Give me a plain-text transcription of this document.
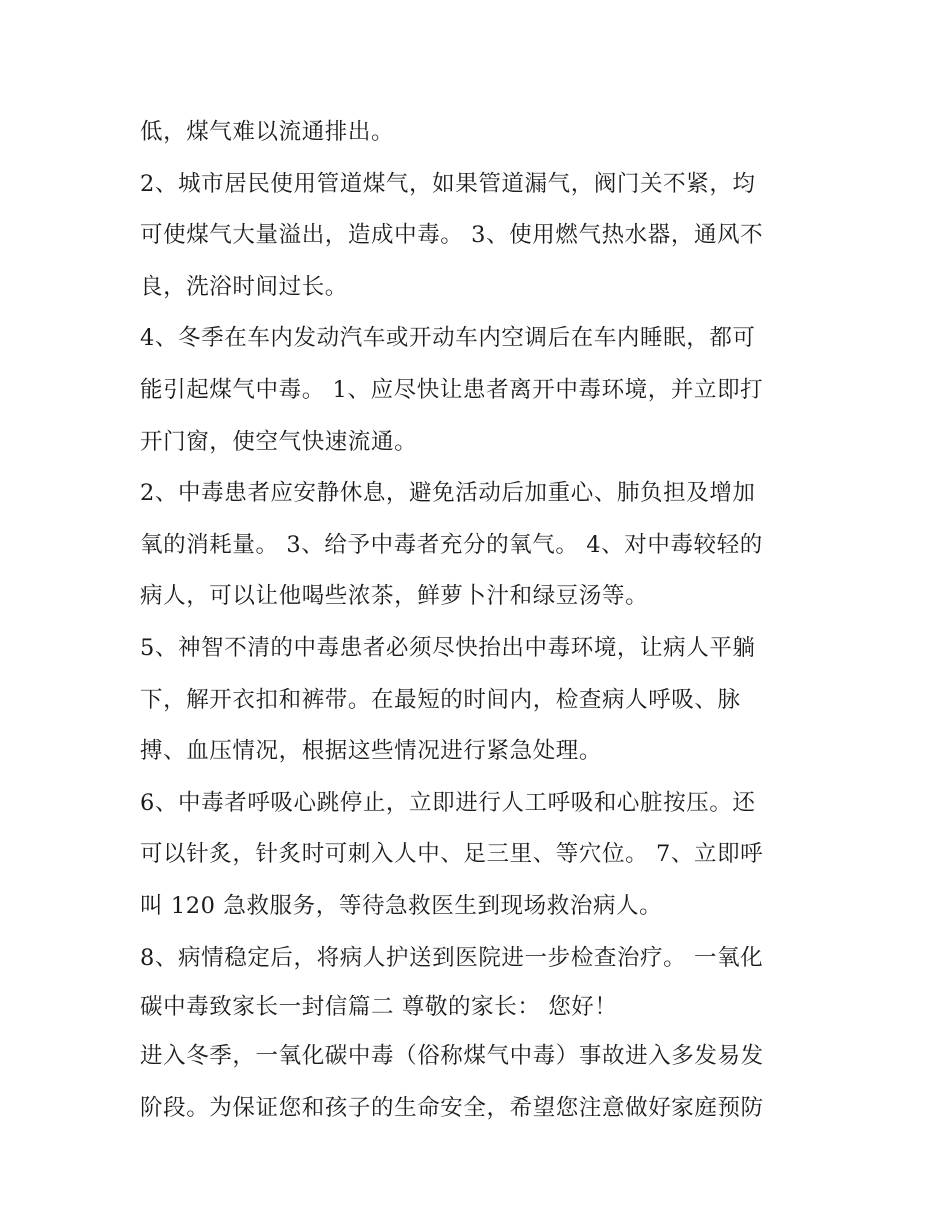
低，煤气难以流通排出。
2、城市居民使用管道煤气，如果管道漏气，阀门关不紧，均
可使煤气大量溢出，造成中毒。 3、使用燃气热水器，通风不
良，洗浴时间过长。
4、冬季在车内发动汽车或开动车内空调后在车内睡眠，都可
能引起煤气中毒。 1、应尽快让患者离开中毒环境，并立即打
开门窗，使空气快速流通。
2、中毒患者应安静休息，避免活动后加重心、肺负担及增加
氧的消耗量。 3、给予中毒者充分的氧气。 4、对中毒较轻的
病人，可以让他喝些浓茶，鲜萝卜汁和绿豆汤等。
5、神智不清的中毒患者必须尽快抬出中毒环境，让病人平躺
下，解开衣扣和裤带。在最短的时间内，检查病人呼吸、脉
搏、血压情况，根据这些情况进行紧急处理。
6、中毒者呼吸心跳停止，立即进行人工呼吸和心脏按压。还
可以针炙，针炙时可刺入人中、足三里、等穴位。 7、立即呼
叫 120 急救服务，等待急救医生到现场救治病人。
8、病情稳定后，将病人护送到医院进一步检查治疗。 一氧化
碳中毒致家长一封信篇二 尊敬的家长： 您好！
进入冬季，一氧化碳中毒（俗称煤气中毒）事故进入多发易发
阶段。为保证您和孩子的生命安全，希望您注意做好家庭预防
